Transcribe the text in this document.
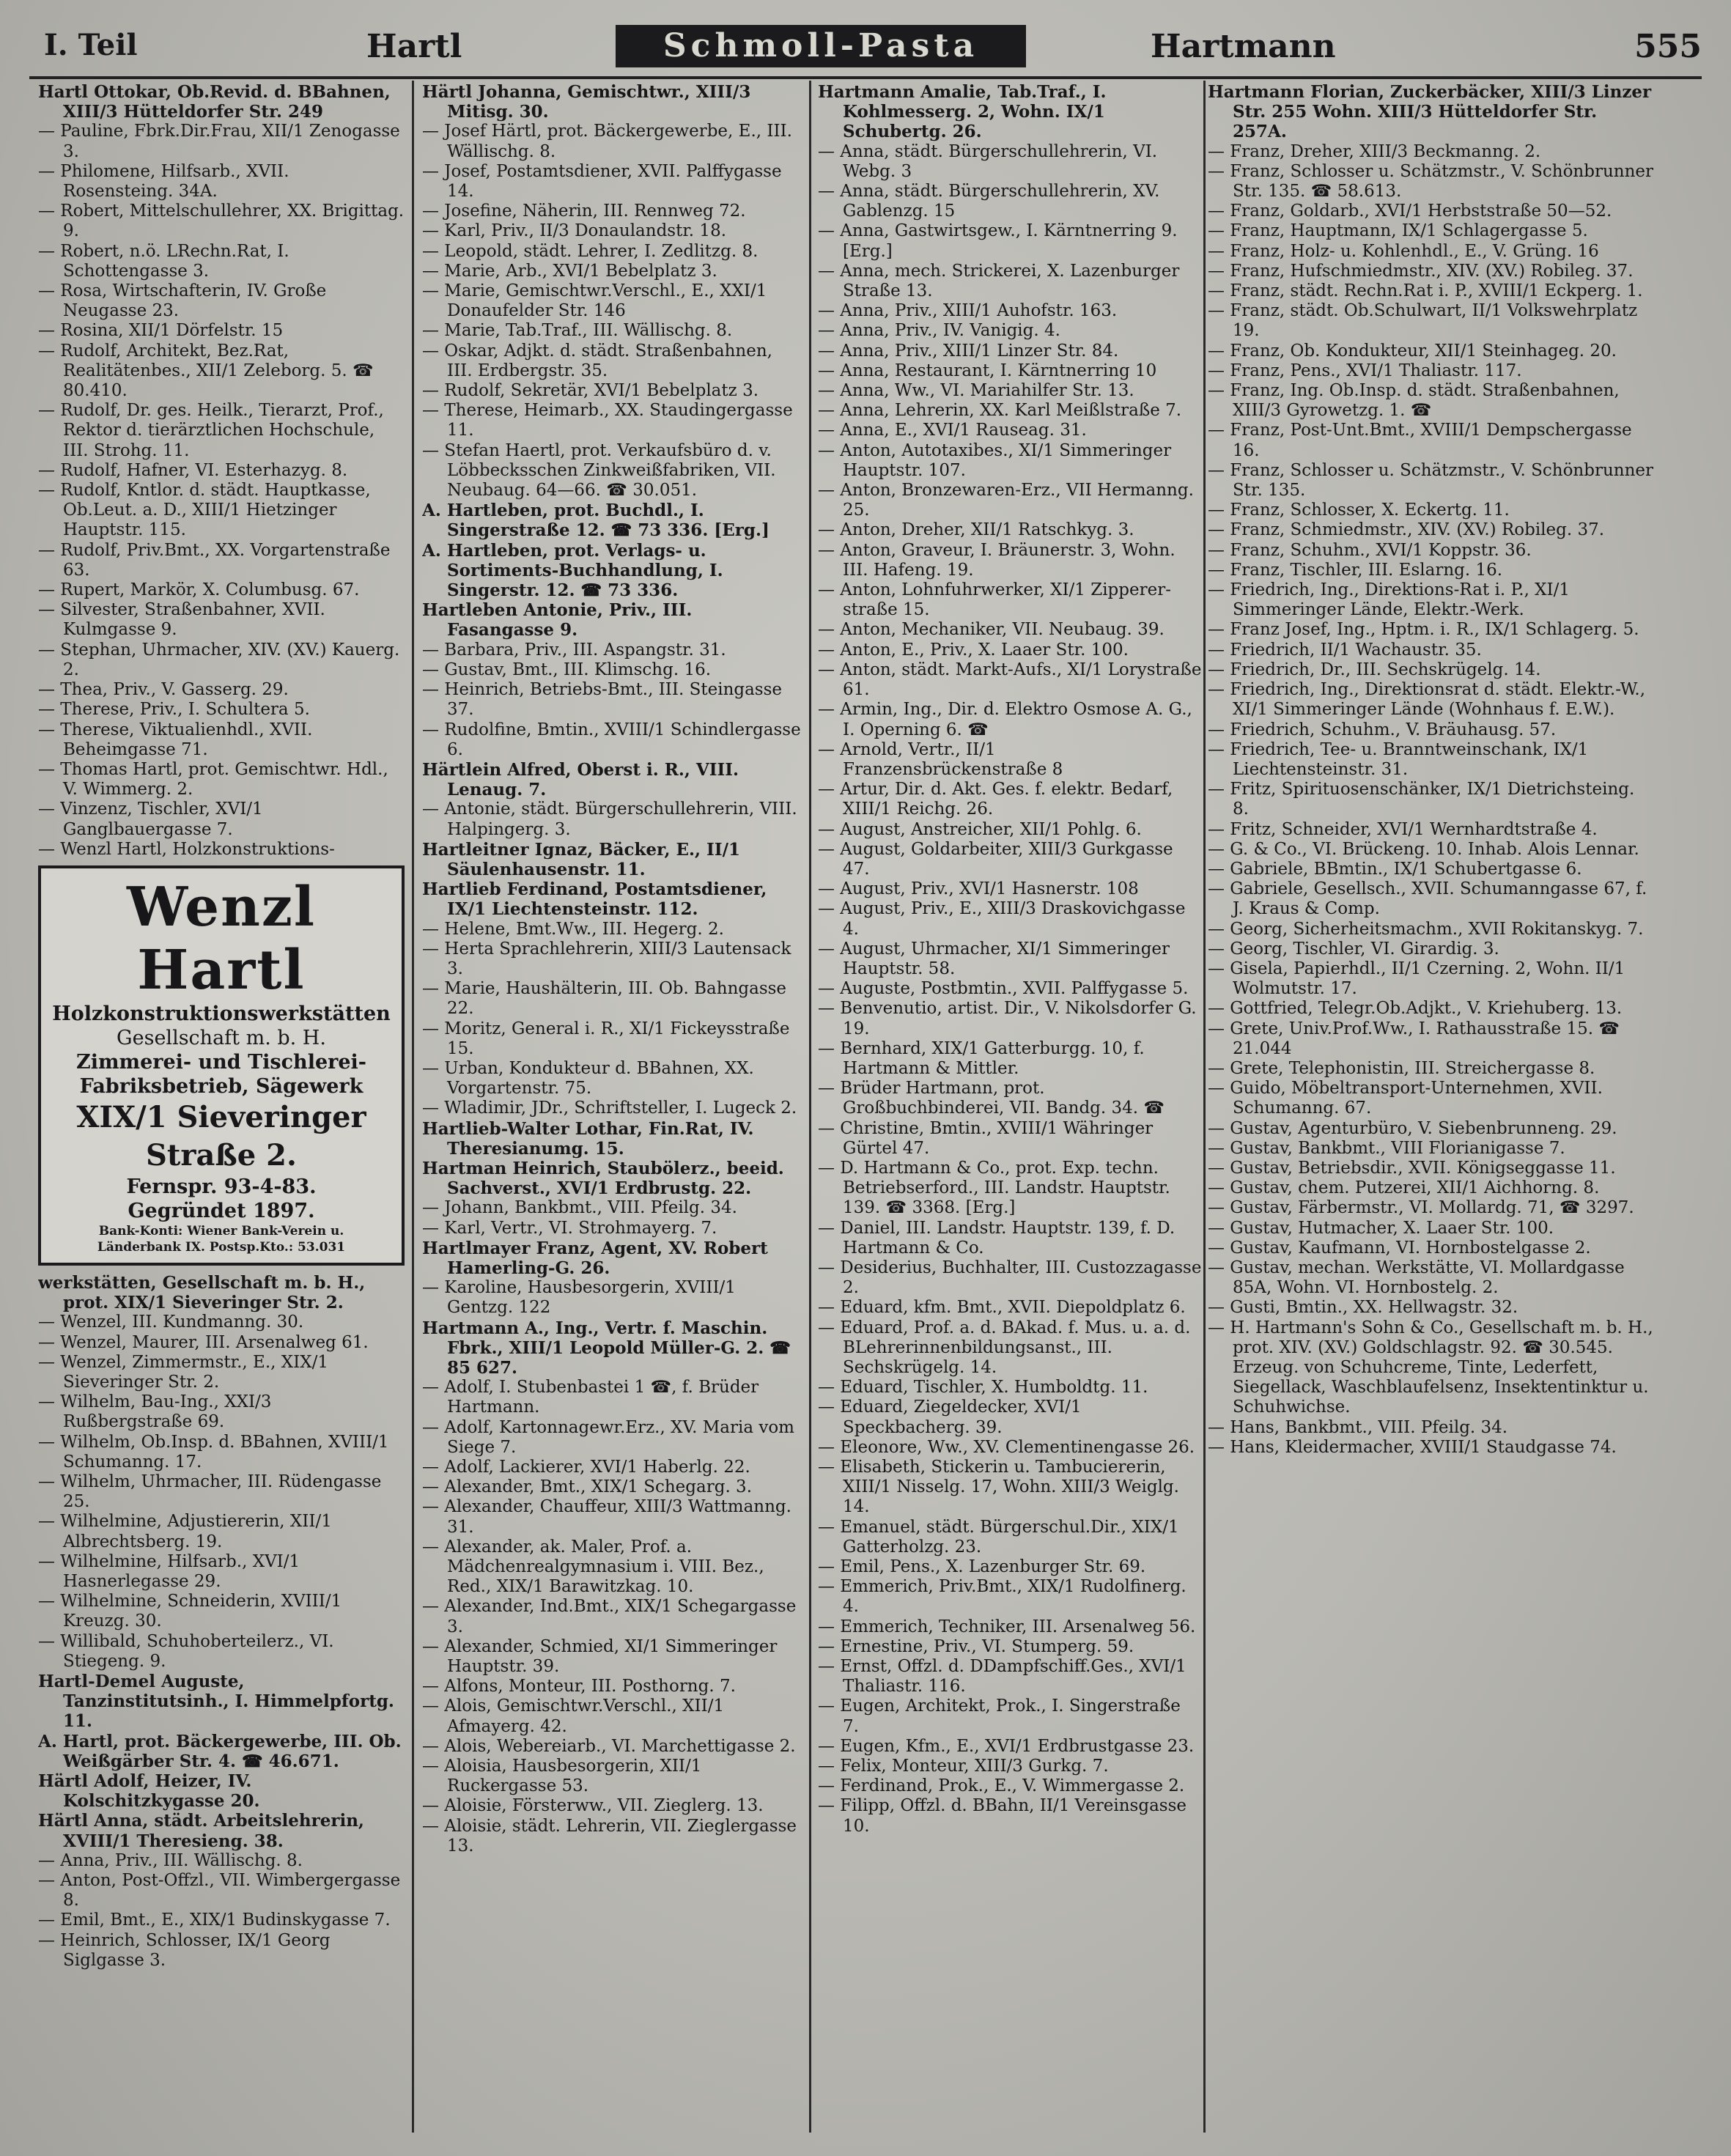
I. Teil	Hartl	Schmoll-Pasta	Hartmann	555

Hartl Ottokar, Ob.Revid. d. BBahnen, XIII/3 Hütteldorfer Str. 249

— Pauline, Fbrk.Dir.Frau, XII/1 Zenogasse 3.

— Philomene, Hilfsarb., XVII. Rosensteing. 34A.

— Robert, Mittelschullehrer, XX. Brigittag. 9.

— Robert, n.ö. LRechn.Rat, I. Schottengasse 3.

— Rosa, Wirtschafterin, IV. Große Neugasse 23.

— Rosina, XII/1 Dörfelstr. 15

— Rudolf, Architekt, Bez.Rat, Realitätenbes., XII/1 Zeleborg. 5. ☎ 80.410.

— Rudolf, Dr. ges. Heilk., Tierarzt, Prof., Rektor d. tierärztlichen Hochschule, III. Strohg. 11.

— Rudolf, Hafner, VI. Esterhazyg. 8.

— Rudolf, Kntlor. d. städt. Hauptkasse, Ob.Leut. a. D., XIII/1 Hietzinger Hauptstr. 115.

— Rudolf, Priv.Bmt., XX. Vorgartenstraße 63.

— Rupert, Markör, X. Columbusg. 67.

— Silvester, Straßenbahner, XVII. Kulmgasse 9.

— Stephan, Uhrmacher, XIV. (XV.) Kauerg. 2.

— Thea, Priv., V. Gasserg. 29.

— Therese, Priv., I. Schultera 5.

— Therese, Viktualienhdl., XVII. Beheimgasse 71.

— Thomas Hartl, prot. Gemischtwr. Hdl., V. Wimmerg. 2.

— Vinzenz, Tischler, XVI/1 Ganglbauergasse 7.

— Wenzl Hartl, Holzkonstruktions-

Wenzl Hartl
Holzkonstruktionswerkstätten
Gesellschaft m. b. H.
Zimmerei- und Tischlerei-
Fabriksbetrieb, Sägewerk
XIX/1 Sieveringer Straße 2.
Fernspr. 93-4-83.
Gegründet 1897.
Bank-Konti: Wiener Bank-Verein u.
Länderbank IX. Postsp.Kto.: 53.031

werkstätten, Gesellschaft m. b. H., prot. XIX/1 Sieveringer Str. 2.

— Wenzel, III. Kundmanng. 30.

— Wenzel, Maurer, III. Arsenalweg 61.

— Wenzel, Zimmermstr., E., XIX/1 Sieveringer Str. 2.

— Wilhelm, Bau-Ing., XXI/3 Rußbergstraße 69.

— Wilhelm, Ob.Insp. d. BBahnen, XVIII/1 Schumanng. 17.

— Wilhelm, Uhrmacher, III. Rüdengasse 25.

— Wilhelmine, Adjustiererin, XII/1 Albrechtsberg. 19.

— Wilhelmine, Hilfsarb., XVI/1 Hasnerlegasse 29.

— Wilhelmine, Schneiderin, XVIII/1 Kreuzg. 30.

— Willibald, Schuhoberteilerz., VI. Stiegeng. 9.

Hartl-Demel Auguste, Tanzinstitutsinh., I. Himmelpfortg. 11.

A. Hartl, prot. Bäckergewerbe, III. Ob. Weißgärber Str. 4. ☎ 46.671.

Härtl Adolf, Heizer, IV. Kolschitzkygasse 20.

Härtl Anna, städt. Arbeitslehrerin, XVIII/1 Theresieng. 38.

— Anna, Priv., III. Wällischg. 8.

— Anton, Post-Offzl., VII. Wimbergergasse 8.

— Emil, Bmt., E., XIX/1 Budinskygasse 7.

— Heinrich, Schlosser, IX/1 Georg Siglgasse 3.

Härtl Johanna, Gemischtwr., XIII/3 Mitisg. 30.

— Josef Härtl, prot. Bäckergewerbe, E., III. Wällischg. 8.

— Josef, Postamtsdiener, XVII. Palffygasse 14.

— Josefine, Näherin, III. Rennweg 72.

— Karl, Priv., II/3 Donaulandstr. 18.

— Leopold, städt. Lehrer, I. Zedlitzg. 8.

— Marie, Arb., XVI/1 Bebelplatz 3.

— Marie, Gemischtwr.Verschl., E., XXI/1 Donaufelder Str. 146

— Marie, Tab.Traf., III. Wällischg. 8.

— Oskar, Adjkt. d. städt. Straßenbahnen, III. Erdbergstr. 35.

— Rudolf, Sekretär, XVI/1 Bebelplatz 3.

— Therese, Heimarb., XX. Staudingergasse 11.

— Stefan Haertl, prot. Verkaufsbüro d. v. Löbbecksschen Zinkweißfabriken, VII. Neubaug. 64—66. ☎ 30.051.

A. Hartleben, prot. Buchdl., I. Singerstraße 12. ☎ 73 336. [Erg.]

A. Hartleben, prot. Verlags- u. Sortiments-Buchhandlung, I. Singerstr. 12. ☎ 73 336.

Hartleben Antonie, Priv., III. Fasangasse 9.

— Barbara, Priv., III. Aspangstr. 31.

— Gustav, Bmt., III. Klimschg. 16.

— Heinrich, Betriebs-Bmt., III. Steingasse 37.

— Rudolfine, Bmtin., XVIII/1 Schindlergasse 6.

Härtlein Alfred, Oberst i. R., VIII. Lenaug. 7.

— Antonie, städt. Bürgerschullehrerin, VIII. Halpingerg. 3.

Hartleitner Ignaz, Bäcker, E., II/1 Säulenhausenstr. 11.

Hartlieb Ferdinand, Postamtsdiener, IX/1 Liechtensteinstr. 112.

— Helene, Bmt.Ww., III. Hegerg. 2.

— Herta Sprachlehrerin, XIII/3 Lautensack 3.

— Marie, Haushälterin, III. Ob. Bahngasse 22.

— Moritz, General i. R., XI/1 Fickeysstraße 15.

— Urban, Kondukteur d. BBahnen, XX. Vorgartenstr. 75.

— Wladimir, JDr., Schriftsteller, I. Lugeck 2.

Hartlieb-Walter Lothar, Fin.Rat, IV. Theresianumg. 15.

Hartman Heinrich, Staubölerz., beeid. Sachverst., XVI/1 Erdbrustg. 22.

— Johann, Bankbmt., VIII. Pfeilg. 34.

— Karl, Vertr., VI. Strohmayerg. 7.

Hartlmayer Franz, Agent, XV. Robert Hamerling-G. 26.

— Karoline, Hausbesorgerin, XVIII/1 Gentzg. 122

Hartmann A., Ing., Vertr. f. Maschin. Fbrk., XIII/1 Leopold Müller-G. 2. ☎ 85 627.

— Adolf, I. Stubenbastei 1 ☎, f. Brüder Hartmann.

— Adolf, Kartonnagewr.Erz., XV. Maria vom Siege 7.

— Adolf, Lackierer, XVI/1 Haberlg. 22.

— Alexander, Bmt., XIX/1 Schegarg. 3.

— Alexander, Chauffeur, XIII/3 Wattmanng. 31.

— Alexander, ak. Maler, Prof. a. Mädchenrealgymnasium i. VIII. Bez., Red., XIX/1 Barawitzkag. 10.

— Alexander, Ind.Bmt., XIX/1 Schegargasse 3.

— Alexander, Schmied, XI/1 Simmeringer Hauptstr. 39.

— Alfons, Monteur, III. Posthorng. 7.

— Alois, Gemischtwr.Verschl., XII/1 Afmayerg. 42.

— Alois, Webereiarb., VI. Marchettigasse 2.

— Aloisia, Hausbesorgerin, XII/1 Ruckergasse 53.

— Aloisie, Försterww., VII. Zieglerg. 13.

— Aloisie, städt. Lehrerin, VII. Zieglergasse 13.

Hartmann Amalie, Tab.Traf., I. Kohlmesserg. 2, Wohn. IX/1 Schubertg. 26.

— Anna, städt. Bürgerschullehrerin, VI. Webg. 3

— Anna, städt. Bürgerschullehrerin, XV. Gablenzg. 15

— Anna, Gastwirtsgew., I. Kärntnerring 9. [Erg.]

— Anna, mech. Strickerei, X. Lazenburger Straße 13.

— Anna, Priv., XIII/1 Auhofstr. 163.

— Anna, Priv., IV. Vanigig. 4.

— Anna, Priv., XIII/1 Linzer Str. 84.

— Anna, Restaurant, I. Kärntnerring 10

— Anna, Ww., VI. Mariahilfer Str. 13.

— Anna, Lehrerin, XX. Karl Meißlstraße 7.

— Anna, E., XVI/1 Rauseag. 31.

— Anton, Autotaxibes., XI/1 Simmeringer Hauptstr. 107.

— Anton, Bronzewaren-Erz., VII Hermanng. 25.

— Anton, Dreher, XII/1 Ratschkyg. 3.

— Anton, Graveur, I. Bräunerstr. 3, Wohn. III. Hafeng. 19.

— Anton, Lohnfuhrwerker, XI/1 Zippererstraße 15.

— Anton, Mechaniker, VII. Neubaug. 39.

— Anton, E., Priv., X. Laaer Str. 100.

— Anton, städt. Markt-Aufs., XI/1 Lorystraße 61.

— Armin, Ing., Dir. d. Elektro Osmose A. G., I. Operning 6. ☎

— Arnold, Vertr., II/1 Franzensbrückenstraße 8

— Artur, Dir. d. Akt. Ges. f. elektr. Bedarf, XIII/1 Reichg. 26.

— August, Anstreicher, XII/1 Pohlg. 6.

— August, Goldarbeiter, XIII/3 Gurkgasse 47.

— August, Priv., XVI/1 Hasnerstr. 108

— August, Priv., E., XIII/3 Draskovichgasse 4.

— August, Uhrmacher, XI/1 Simmeringer Hauptstr. 58.

— Auguste, Postbmtin., XVII. Palffygasse 5.

— Benvenutio, artist. Dir., V. Nikolsdorfer G. 19.

— Bernhard, XIX/1 Gatterburgg. 10, f. Hartmann & Mittler.

— Brüder Hartmann, prot. Großbuchbinderei, VII. Bandg. 34. ☎

— Christine, Bmtin., XVIII/1 Währinger Gürtel 47.

— D. Hartmann & Co., prot. Exp. techn. Betriebserford., III. Landstr. Hauptstr. 139. ☎ 3368. [Erg.]

— Daniel, III. Landstr. Hauptstr. 139, f. D. Hartmann & Co.

— Desiderius, Buchhalter, III. Custozzagasse 2.

— Eduard, kfm. Bmt., XVII. Diepoldplatz 6.

— Eduard, Prof. a. d. BAkad. f. Mus. u. a. d. BLehrerinnenbildungsanst., III. Sechskrügelg. 14.

— Eduard, Tischler, X. Humboldtg. 11.

— Eduard, Ziegeldecker, XVI/1 Speckbacherg. 39.

— Eleonore, Ww., XV. Clementinengasse 26.

— Elisabeth, Stickerin u. Tambuciererin, XIII/1 Nisselg. 17, Wohn. XIII/3 Weiglg. 14.

— Emanuel, städt. Bürgerschul.Dir., XIX/1 Gatterholzg. 23.

— Emil, Pens., X. Lazenburger Str. 69.

— Emmerich, Priv.Bmt., XIX/1 Rudolfinerg. 4.

— Emmerich, Techniker, III. Arsenalweg 56.

— Ernestine, Priv., VI. Stumperg. 59.

— Ernst, Offzl. d. DDampfschiff.Ges., XVI/1 Thaliastr. 116.

— Eugen, Architekt, Prok., I. Singerstraße 7.

— Eugen, Kfm., E., XVI/1 Erdbrustgasse 23.

— Felix, Monteur, XIII/3 Gurkg. 7.

— Ferdinand, Prok., E., V. Wimmergasse 2.

— Filipp, Offzl. d. BBahn, II/1 Vereinsgasse 10.

Hartmann Florian, Zuckerbäcker, XIII/3 Linzer Str. 255 Wohn. XIII/3 Hütteldorfer Str. 257A.

— Franz, Dreher, XIII/3 Beckmanng. 2.

— Franz, Schlosser u. Schätzmstr., V. Schönbrunner Str. 135. ☎ 58.613.

— Franz, Goldarb., XVI/1 Herbststraße 50—52.

— Franz, Hauptmann, IX/1 Schlagergasse 5.

— Franz, Holz- u. Kohlenhdl., E., V. Grüng. 16

— Franz, Hufschmiedmstr., XIV. (XV.) Robileg. 37.

— Franz, städt. Rechn.Rat i. P., XVIII/1 Eckperg. 1.

— Franz, städt. Ob.Schulwart, II/1 Volkswehrplatz 19.

— Franz, Ob. Kondukteur, XII/1 Steinhageg. 20.

— Franz, Pens., XVI/1 Thaliastr. 117.

— Franz, Ing. Ob.Insp. d. städt. Straßenbahnen, XIII/3 Gyrowetzg. 1. ☎

— Franz, Post-Unt.Bmt., XVIII/1 Dempschergasse 16.

— Franz, Schlosser u. Schätzmstr., V. Schönbrunner Str. 135.

— Franz, Schlosser, X. Eckertg. 11.

— Franz, Schmiedmstr., XIV. (XV.) Robileg. 37.

— Franz, Schuhm., XVI/1 Koppstr. 36.

— Franz, Tischler, III. Eslarng. 16.

— Friedrich, Ing., Direktions-Rat i. P., XI/1 Simmeringer Lände, Elektr.-Werk.

— Franz Josef, Ing., Hptm. i. R., IX/1 Schlagerg. 5.

— Friedrich, II/1 Wachaustr. 35.

— Friedrich, Dr., III. Sechskrügelg. 14.

— Friedrich, Ing., Direktionsrat d. städt. Elektr.-W., XI/1 Simmeringer Lände (Wohnhaus f. E.W.).

— Friedrich, Schuhm., V. Bräuhausg. 57.

— Friedrich, Tee- u. Branntweinschank, IX/1 Liechtensteinstr. 31.

— Fritz, Spirituosenschänker, IX/1 Dietrichsteing. 8.

— Fritz, Schneider, XVI/1 Wernhardtstraße 4.

— G. & Co., VI. Brückeng. 10. Inhab. Alois Lennar.

— Gabriele, BBmtin., IX/1 Schubertgasse 6.

— Gabriele, Gesellsch., XVII. Schumanngasse 67, f. J. Kraus & Comp.

— Georg, Sicherheitsmachm., XVII Rokitanskyg. 7.

— Georg, Tischler, VI. Girardig. 3.

— Gisela, Papierhdl., II/1 Czerning. 2, Wohn. II/1 Wolmutstr. 17.

— Gottfried, Telegr.Ob.Adjkt., V. Kriehuberg. 13.

— Grete, Univ.Prof.Ww., I. Rathausstraße 15. ☎ 21.044

— Grete, Telephonistin, III. Streichergasse 8.

— Guido, Möbeltransport-Unternehmen, XVII. Schumanng. 67.

— Gustav, Agenturbüro, V. Siebenbrunneng. 29.

— Gustav, Bankbmt., VIII Florianigasse 7.

— Gustav, Betriebsdir., XVII. Königseggasse 11.

— Gustav, chem. Putzerei, XII/1 Aichhorng. 8.

— Gustav, Färbermstr., VI. Mollardg. 71, ☎ 3297.

— Gustav, Hutmacher, X. Laaer Str. 100.

— Gustav, Kaufmann, VI. Hornbostelgasse 2.

— Gustav, mechan. Werkstätte, VI. Mollardgasse 85A, Wohn. VI. Hornbostelg. 2.

— Gusti, Bmtin., XX. Hellwagstr. 32.

— H. Hartmann's Sohn & Co., Gesellschaft m. b. H., prot. XIV. (XV.) Goldschlagstr. 92. ☎ 30.545. Erzeug. von Schuhcreme, Tinte, Lederfett, Siegellack, Waschblaufelsenz, Insektentinktur u. Schuhwichse.

— Hans, Bankbmt., VIII. Pfeilg. 34.

— Hans, Kleidermacher, XVIII/1 Staudgasse 74.
